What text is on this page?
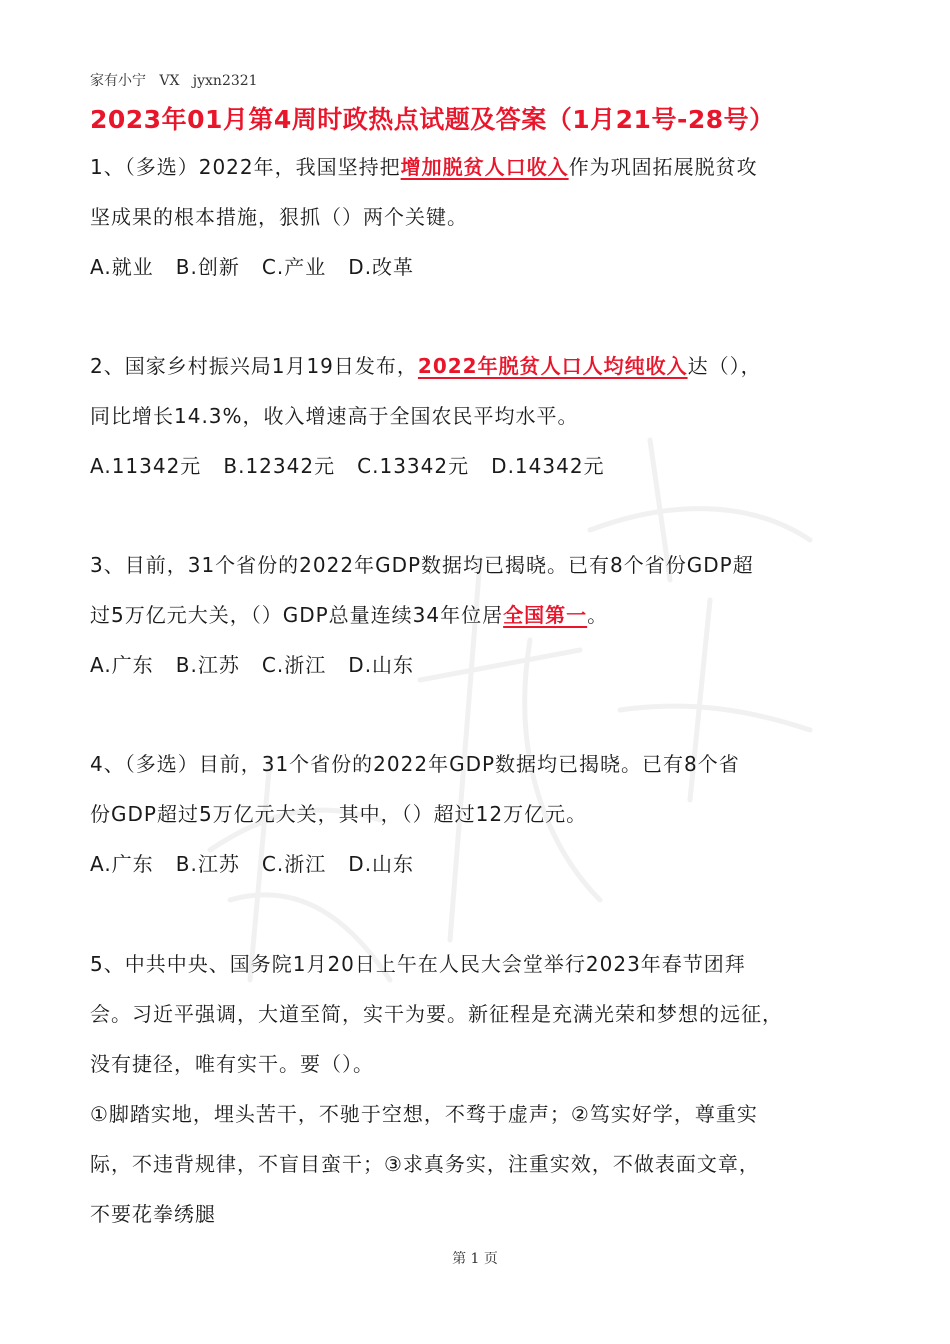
家有小宁   VX   jyxn2321
2023年01月第4周时政热点试题及答案（1月21号-28号）
1、（多选）2022年，我国坚持把增加脱贫人口收入作为巩固拓展脱贫攻
坚成果的根本措施，狠抓（）两个关键。
A.就业   B.创新   C.产业   D.改革
2、国家乡村振兴局1月19日发布，2022年脱贫人口人均纯收入达（），
同比增长14.3%，收入增速高于全国农民平均水平。
A.11342元   B.12342元   C.13342元   D.14342元
3、目前，31个省份的2022年GDP数据均已揭晓。已有8个省份GDP超
过5万亿元大关，（）GDP总量连续34年位居全国第一。
A.广东   B.江苏   C.浙江   D.山东
4、（多选）目前，31个省份的2022年GDP数据均已揭晓。已有8个省
份GDP超过5万亿元大关，其中，（）超过12万亿元。
A.广东   B.江苏   C.浙江   D.山东
5、中共中央、国务院1月20日上午在人民大会堂举行2023年春节团拜
会。习近平强调，大道至简，实干为要。新征程是充满光荣和梦想的远征，
没有捷径，唯有实干。要（）。
①脚踏实地，埋头苦干，不驰于空想，不骛于虚声；②笃实好学，尊重实
际，不违背规律，不盲目蛮干；③求真务实，注重实效，不做表面文章，
不要花拳绣腿
第 1 页
